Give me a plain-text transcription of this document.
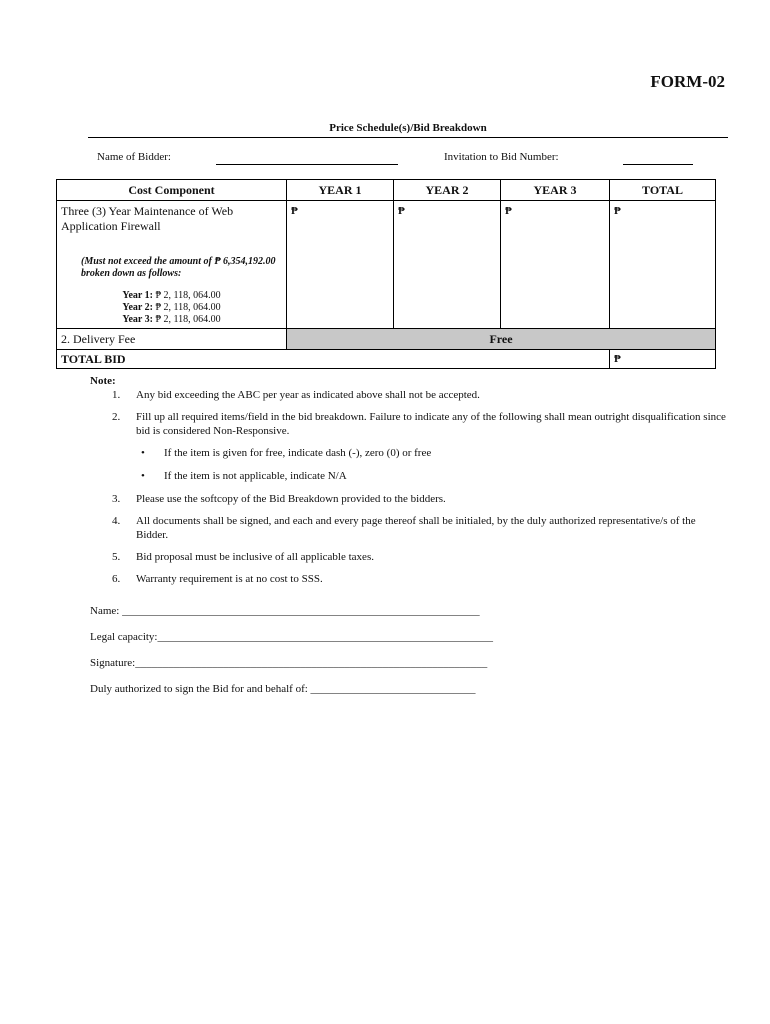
FORM-02
Price Schedule(s)/Bid Breakdown
Name of Bidder:	Invitation to Bid Number:
Cost Component	YEAR 1	YEAR 2	YEAR 3	TOTAL

Three (3) Year Maintenance of Web Application Firewall
(Must not exceed the amount of ₱ 6,354,192.00 broken down as follows:
Year 1: ₱ 2, 118, 064.00
Year 2: ₱ 2, 118, 064.00
Year 3: ₱ 2, 118, 064.00	₱	₱	₱	₱

2. Delivery Fee	Free			
TOTAL BID				₱
Note:
1. Any bid exceeding the ABC per year as indicated above shall not be accepted.
2. Fill up all required items/field in the bid breakdown. Failure to indicate any of the following shall mean outright disqualification since bid is considered Non-Responsive.
• If the item is given for free, indicate dash (-), zero (0) or free
• If the item is not applicable, indicate N/A
3. Please use the softcopy of the Bid Breakdown provided to the bidders.
4. All documents shall be signed, and each and every page thereof shall be initialed, by the duly authorized representative/s of the Bidder.
5. Bid proposal must be inclusive of all applicable taxes.
6. Warranty requirement is at no cost to SSS.
Name: _________________________________________________________________
Legal capacity:_____________________________________________________________
Signature:________________________________________________________________
Duly authorized to sign the Bid for and behalf of: ______________________________
